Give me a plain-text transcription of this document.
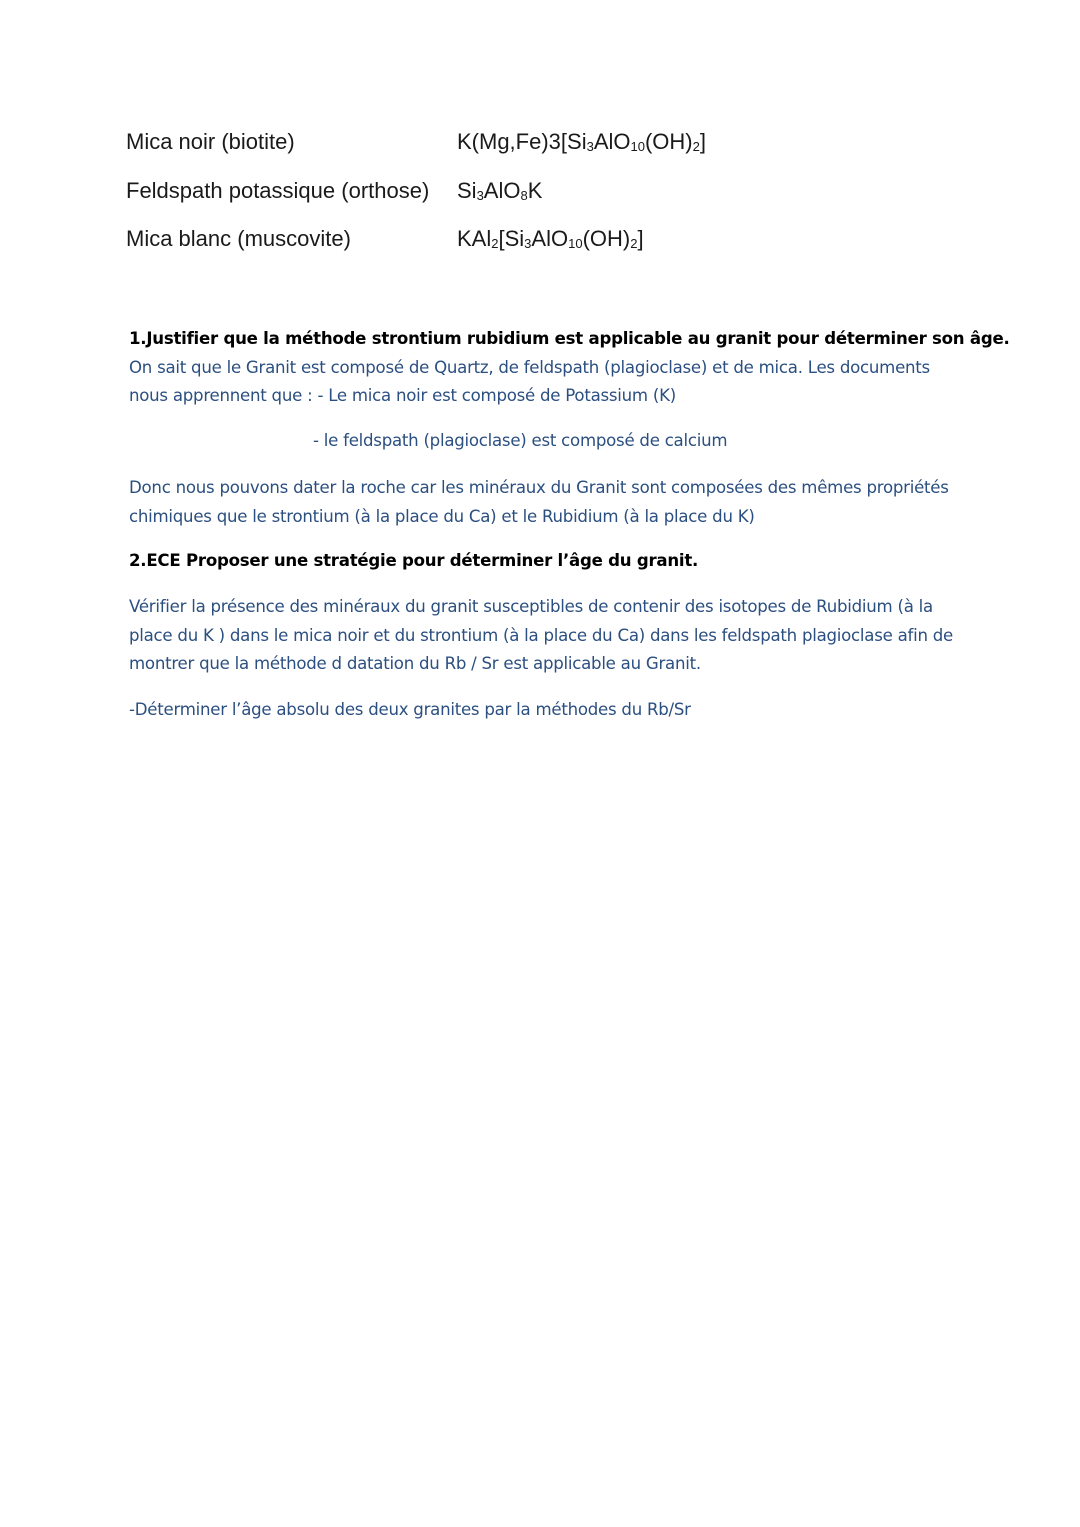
Mica noir (biotite)	$K(Mg,Fe)3[Si_3AlO_{10}(OH)_2]$
Feldspath potassique (orthose)	$Si_3AlO_8K$
Mica blanc (muscovite)	$KAl_2[Si_3AlO_{10}(OH)_2]$

1.Justifier que la méthode strontium rubidium est applicable au granit pour déterminer son âge.

On sait que le Granit est composé de Quartz, de feldspath (plagioclase) et de mica. Les documents

nous apprennent que : - Le mica noir est composé de Potassium (K)

- le feldspath (plagioclase) est composé de calcium

Donc nous pouvons dater la roche car les minéraux du Granit sont composées des mêmes propriétés

chimiques que le strontium (à la place du Ca) et le Rubidium (à la place du K)

2.ECE Proposer une stratégie pour déterminer l’âge du granit.

Vérifier la présence des minéraux du granit susceptibles de contenir des isotopes de Rubidium (à la

place du K ) dans le mica noir et du strontium (à la place du Ca) dans les feldspath plagioclase afin de

montrer que la méthode d datation du Rb / Sr est applicable au Granit.

-Déterminer l’âge absolu des deux granites par la méthodes du Rb/Sr
